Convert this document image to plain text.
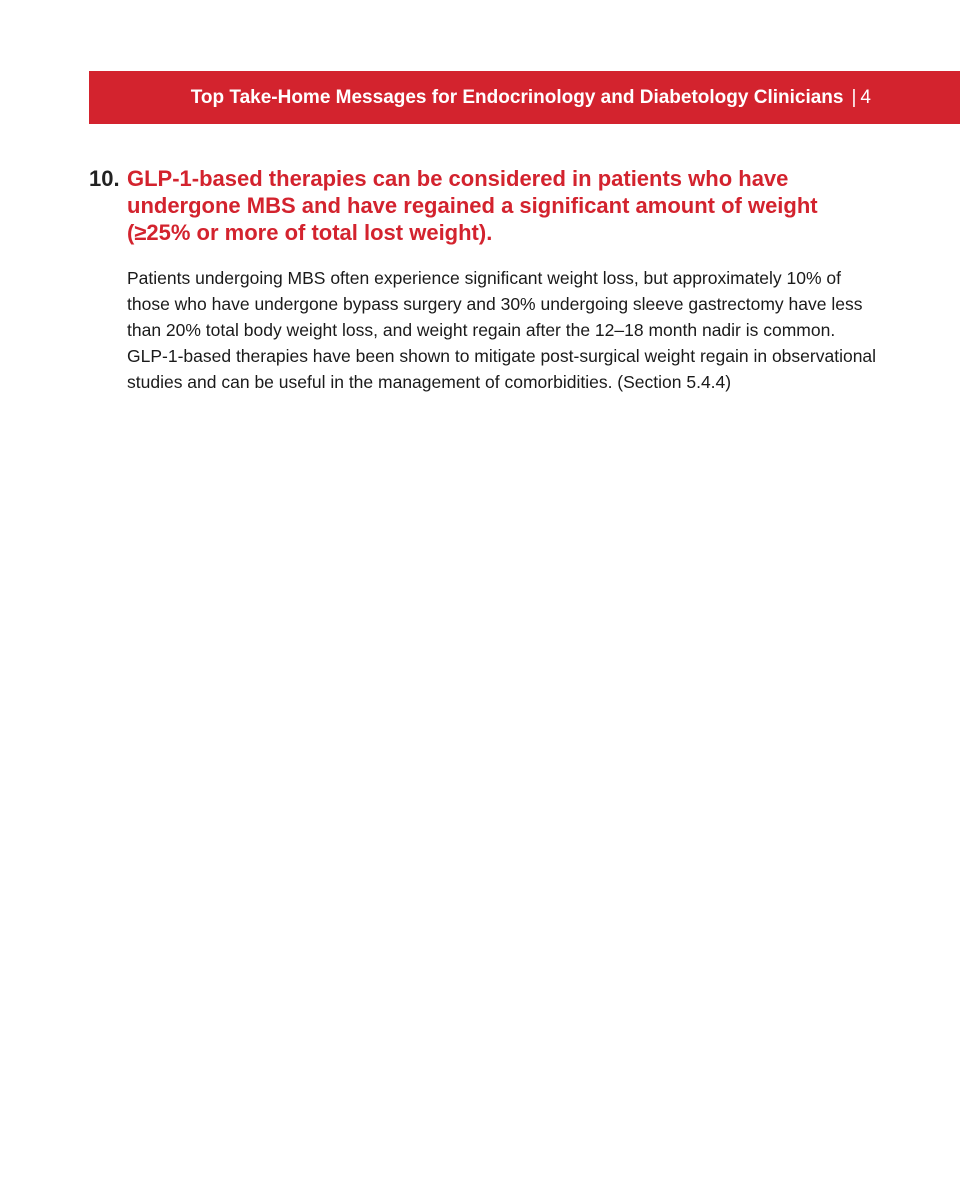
Top Take-Home Messages for Endocrinology and Diabetology Clinicians | 4
10. GLP-1-based therapies can be considered in patients who have undergone MBS and have regained a significant amount of weight (≥25% or more of total lost weight).
Patients undergoing MBS often experience significant weight loss, but approximately 10% of those who have undergone bypass surgery and 30% undergoing sleeve gastrectomy have less than 20% total body weight loss, and weight regain after the 12–18 month nadir is common. GLP-1-based therapies have been shown to mitigate post-surgical weight regain in observational studies and can be useful in the management of comorbidities. (Section 5.4.4)
